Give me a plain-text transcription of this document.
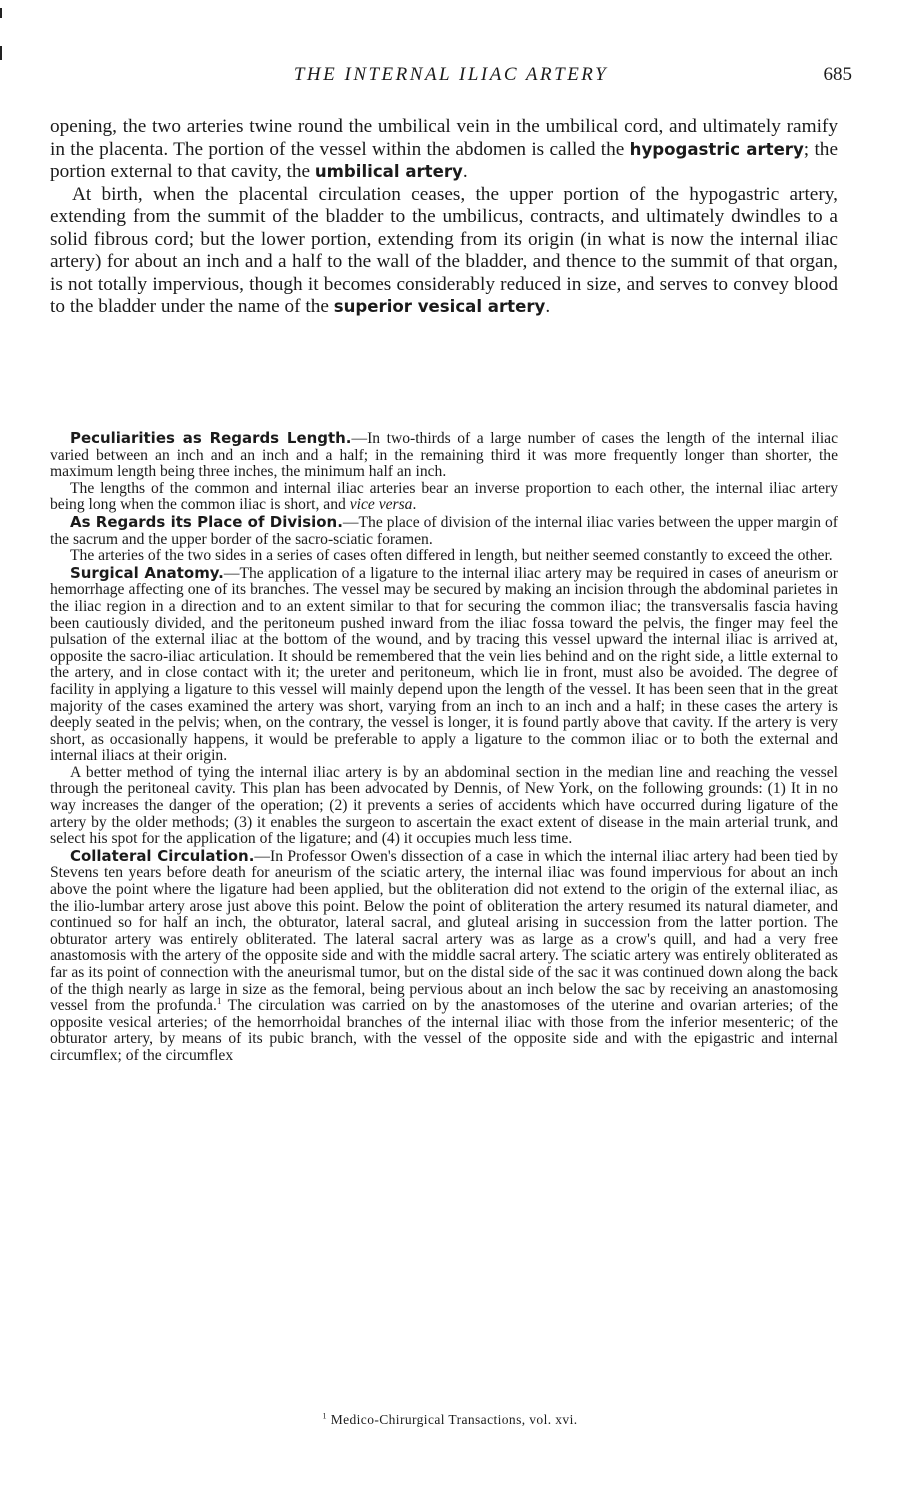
THE INTERNAL ILIAC ARTERY	685

opening, the two arteries twine round the umbilical vein in the umbilical cord, and ultimately ramify in the placenta. The portion of the vessel within the abdomen is called the hypogastric artery; the portion external to that cavity, the umbilical artery.

At birth, when the placental circulation ceases, the upper portion of the hypogastric artery, extending from the summit of the bladder to the umbilicus, contracts, and ultimately dwindles to a solid fibrous cord; but the lower portion, extending from its origin (in what is now the internal iliac artery) for about an inch and a half to the wall of the bladder, and thence to the summit of that organ, is not totally impervious, though it becomes considerably reduced in size, and serves to convey blood to the bladder under the name of the superior vesical artery.

Peculiarities as Regards Length.—In two-thirds of a large number of cases the length of the internal iliac varied between an inch and an inch and a half; in the remaining third it was more frequently longer than shorter, the maximum length being three inches, the minimum half an inch.

The lengths of the common and internal iliac arteries bear an inverse proportion to each other, the internal iliac artery being long when the common iliac is short, and vice versa.

As Regards its Place of Division.—The place of division of the internal iliac varies between the upper margin of the sacrum and the upper border of the sacro-sciatic foramen.

The arteries of the two sides in a series of cases often differed in length, but neither seemed constantly to exceed the other.

Surgical Anatomy.—The application of a ligature to the internal iliac artery may be required in cases of aneurism or hemorrhage affecting one of its branches. The vessel may be secured by making an incision through the abdominal parietes in the iliac region in a direction and to an extent similar to that for securing the common iliac; the transversalis fascia having been cautiously divided, and the peritoneum pushed inward from the iliac fossa toward the pelvis, the finger may feel the pulsation of the external iliac at the bottom of the wound, and by tracing this vessel upward the internal iliac is arrived at, opposite the sacro-iliac articulation. It should be remembered that the vein lies behind and on the right side, a little external to the artery, and in close contact with it; the ureter and peritoneum, which lie in front, must also be avoided. The degree of facility in applying a ligature to this vessel will mainly depend upon the length of the vessel. It has been seen that in the great majority of the cases examined the artery was short, varying from an inch to an inch and a half; in these cases the artery is deeply seated in the pelvis; when, on the contrary, the vessel is longer, it is found partly above that cavity. If the artery is very short, as occasionally happens, it would be preferable to apply a ligature to the common iliac or to both the external and internal iliacs at their origin.

A better method of tying the internal iliac artery is by an abdominal section in the median line and reaching the vessel through the peritoneal cavity. This plan has been advocated by Dennis, of New York, on the following grounds: (1) It in no way increases the danger of the operation; (2) it prevents a series of accidents which have occurred during ligature of the artery by the older methods; (3) it enables the surgeon to ascertain the exact extent of disease in the main arterial trunk, and select his spot for the application of the ligature; and (4) it occupies much less time.

Collateral Circulation.—In Professor Owen's dissection of a case in which the internal iliac artery had been tied by Stevens ten years before death for aneurism of the sciatic artery, the internal iliac was found impervious for about an inch above the point where the ligature had been applied, but the obliteration did not extend to the origin of the external iliac, as the ilio-lumbar artery arose just above this point. Below the point of obliteration the artery resumed its natural diameter, and continued so for half an inch, the obturator, lateral sacral, and gluteal arising in succession from the latter portion. The obturator artery was entirely obliterated. The lateral sacral artery was as large as a crow's quill, and had a very free anastomosis with the artery of the opposite side and with the middle sacral artery. The sciatic artery was entirely obliterated as far as its point of connection with the aneurismal tumor, but on the distal side of the sac it was continued down along the back of the thigh nearly as large in size as the femoral, being pervious about an inch below the sac by receiving an anastomosing vessel from the profunda.$^1$ The circulation was carried on by the anastomoses of the uterine and ovarian arteries; of the opposite vesical arteries; of the hemorrhoidal branches of the internal iliac with those from the inferior mesenteric; of the obturator artery, by means of its pubic branch, with the vessel of the opposite side and with the epigastric and internal circumflex; of the circumflex

$^1$ Medico-Chirurgical Transactions, vol. xvi.
